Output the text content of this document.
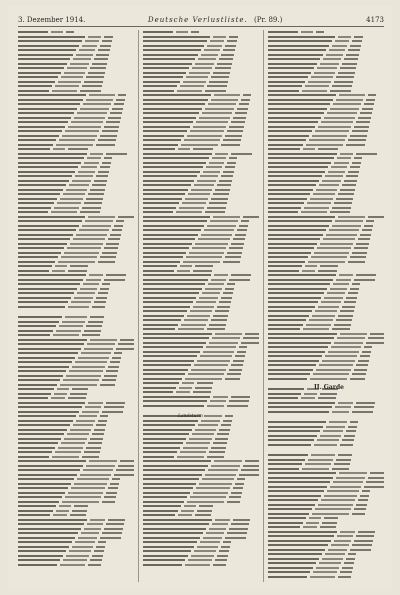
3. Dezember 1914.	Deutsche Verlustliste. (Pr. 89.)	4173
II. Garde
Landsturm
